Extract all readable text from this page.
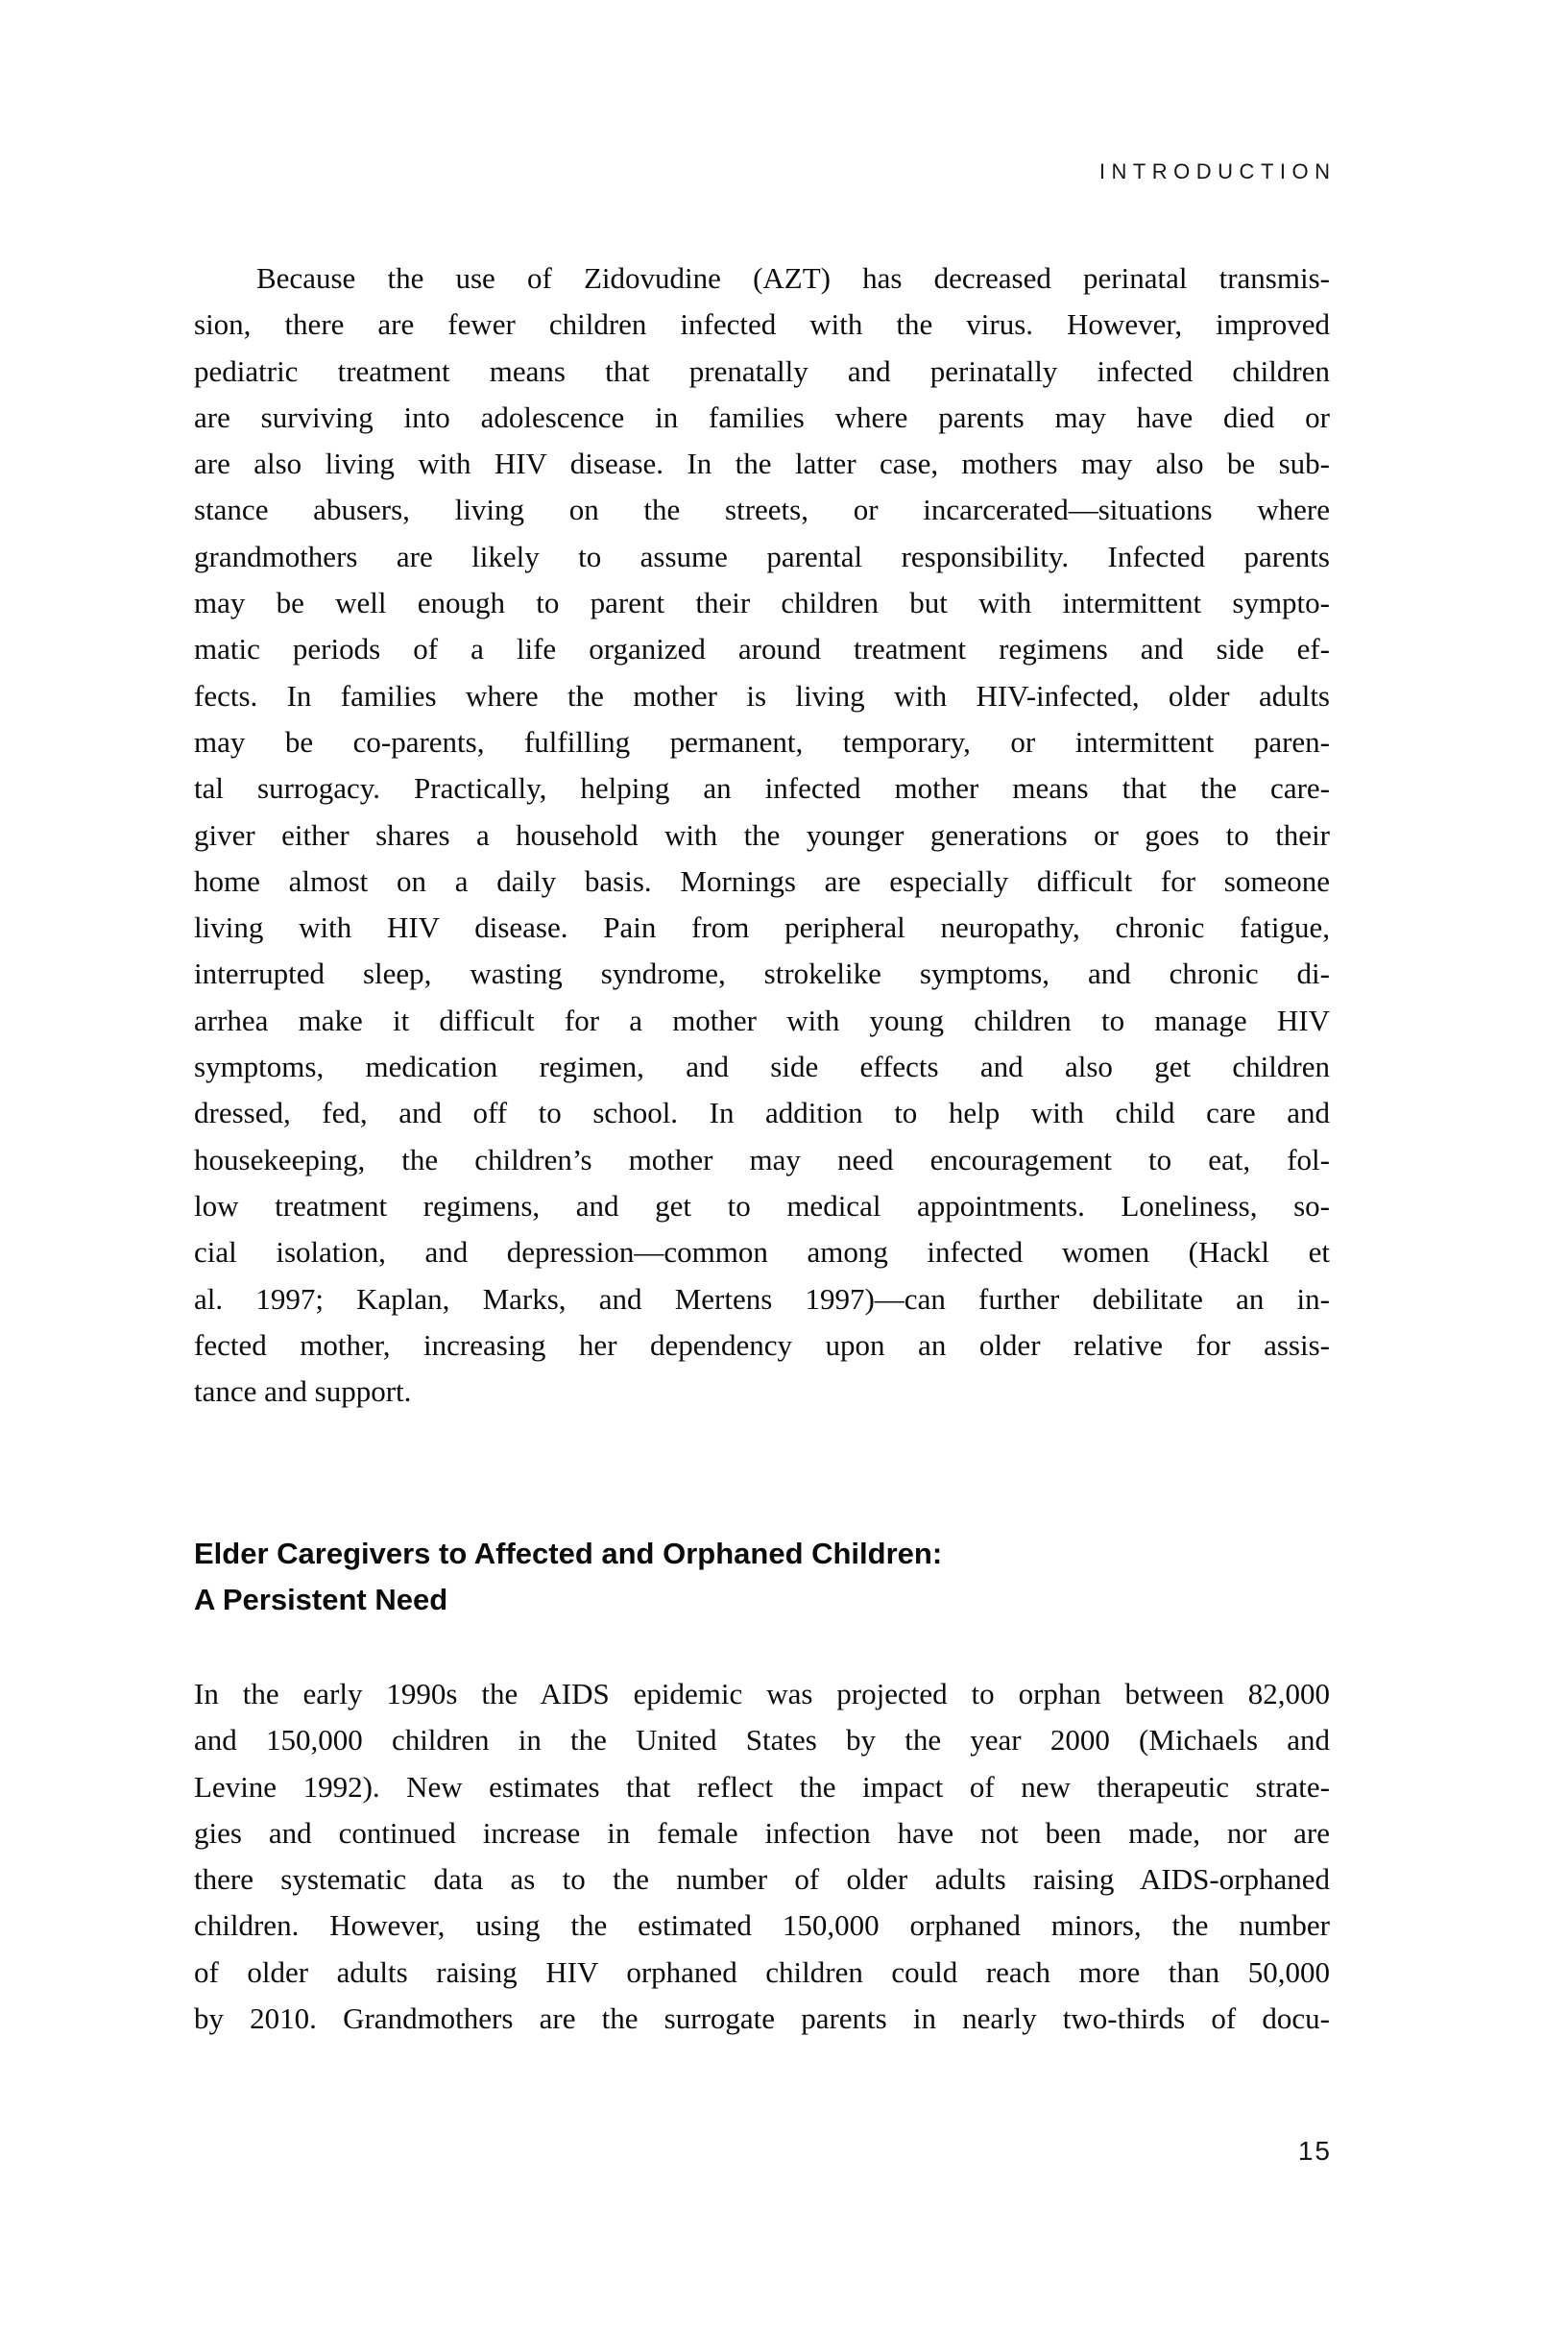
INTRODUCTION
Because the use of Zidovudine (AZT) has decreased perinatal transmis-
sion, there are fewer children infected with the virus. However, improved
pediatric treatment means that prenatally and perinatally infected children
are surviving into adolescence in families where parents may have died or
are also living with HIV disease. In the latter case, mothers may also be sub-
stance abusers, living on the streets, or incarcerated—situations where
grandmothers are likely to assume parental responsibility. Infected parents
may be well enough to parent their children but with intermittent sympto-
matic periods of a life organized around treatment regimens and side ef-
fects. In families where the mother is living with HIV-infected, older adults
may be co-parents, fulfilling permanent, temporary, or intermittent paren-
tal surrogacy. Practically, helping an infected mother means that the care-
giver either shares a household with the younger generations or goes to their
home almost on a daily basis. Mornings are especially difficult for someone
living with HIV disease. Pain from peripheral neuropathy, chronic fatigue,
interrupted sleep, wasting syndrome, strokelike symptoms, and chronic di-
arrhea make it difficult for a mother with young children to manage HIV
symptoms, medication regimen, and side effects and also get children
dressed, fed, and off to school. In addition to help with child care and
housekeeping, the children’s mother may need encouragement to eat, fol-
low treatment regimens, and get to medical appointments. Loneliness, so-
cial isolation, and depression—common among infected women (Hackl et
al. 1997; Kaplan, Marks, and Mertens 1997)—can further debilitate an in-
fected mother, increasing her dependency upon an older relative for assis-
tance and support.
Elder Caregivers to Affected and Orphaned Children:
A Persistent Need
In the early 1990s the AIDS epidemic was projected to orphan between 82,000
and 150,000 children in the United States by the year 2000 (Michaels and
Levine 1992). New estimates that reflect the impact of new therapeutic strate-
gies and continued increase in female infection have not been made, nor are
there systematic data as to the number of older adults raising AIDS-orphaned
children. However, using the estimated 150,000 orphaned minors, the number
of older adults raising HIV orphaned children could reach more than 50,000
by 2010. Grandmothers are the surrogate parents in nearly two-thirds of docu-
15
